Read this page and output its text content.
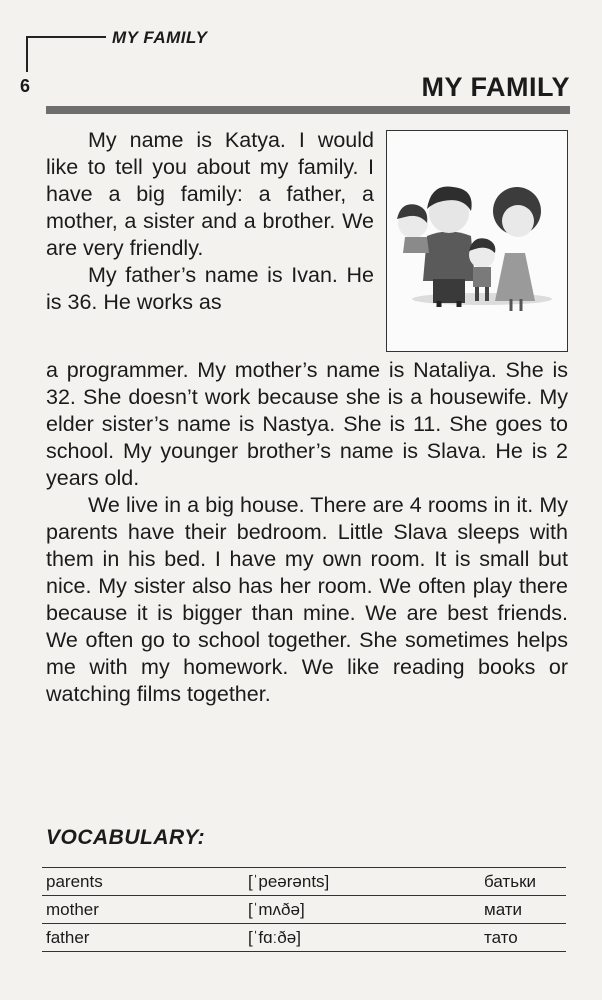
MY FAMILY
6	MY FAMILY

My name is Katya. I would like to tell you about my family. I have a big family: a father, a mother, a sister and a brother. We are very friendly.

My father’s name is Ivan. He is 36. He works as

a programmer. My mother’s name is Nataliya. She is 32. She doesn’t work because she is a housewife. My elder sister’s name is Nastya. She is 11. She goes to school. My younger brother’s name is Slava. He is 2 years old.

We live in a big house. There are 4 rooms in it. My parents have their bedroom. Little Slava sleeps with them in his bed. I have my own room. It is small but nice. My sister also has her room. We often play there because it is bigger than mine. We are best friends. We often go to school together. She sometimes helps me with my homework. We like reading books or watching films together.

VOCABULARY:
parents	[ˈpeərənts]	батьки
mother	[ˈmʌðə]	мати
father	[ˈfɑːðə]	тато
